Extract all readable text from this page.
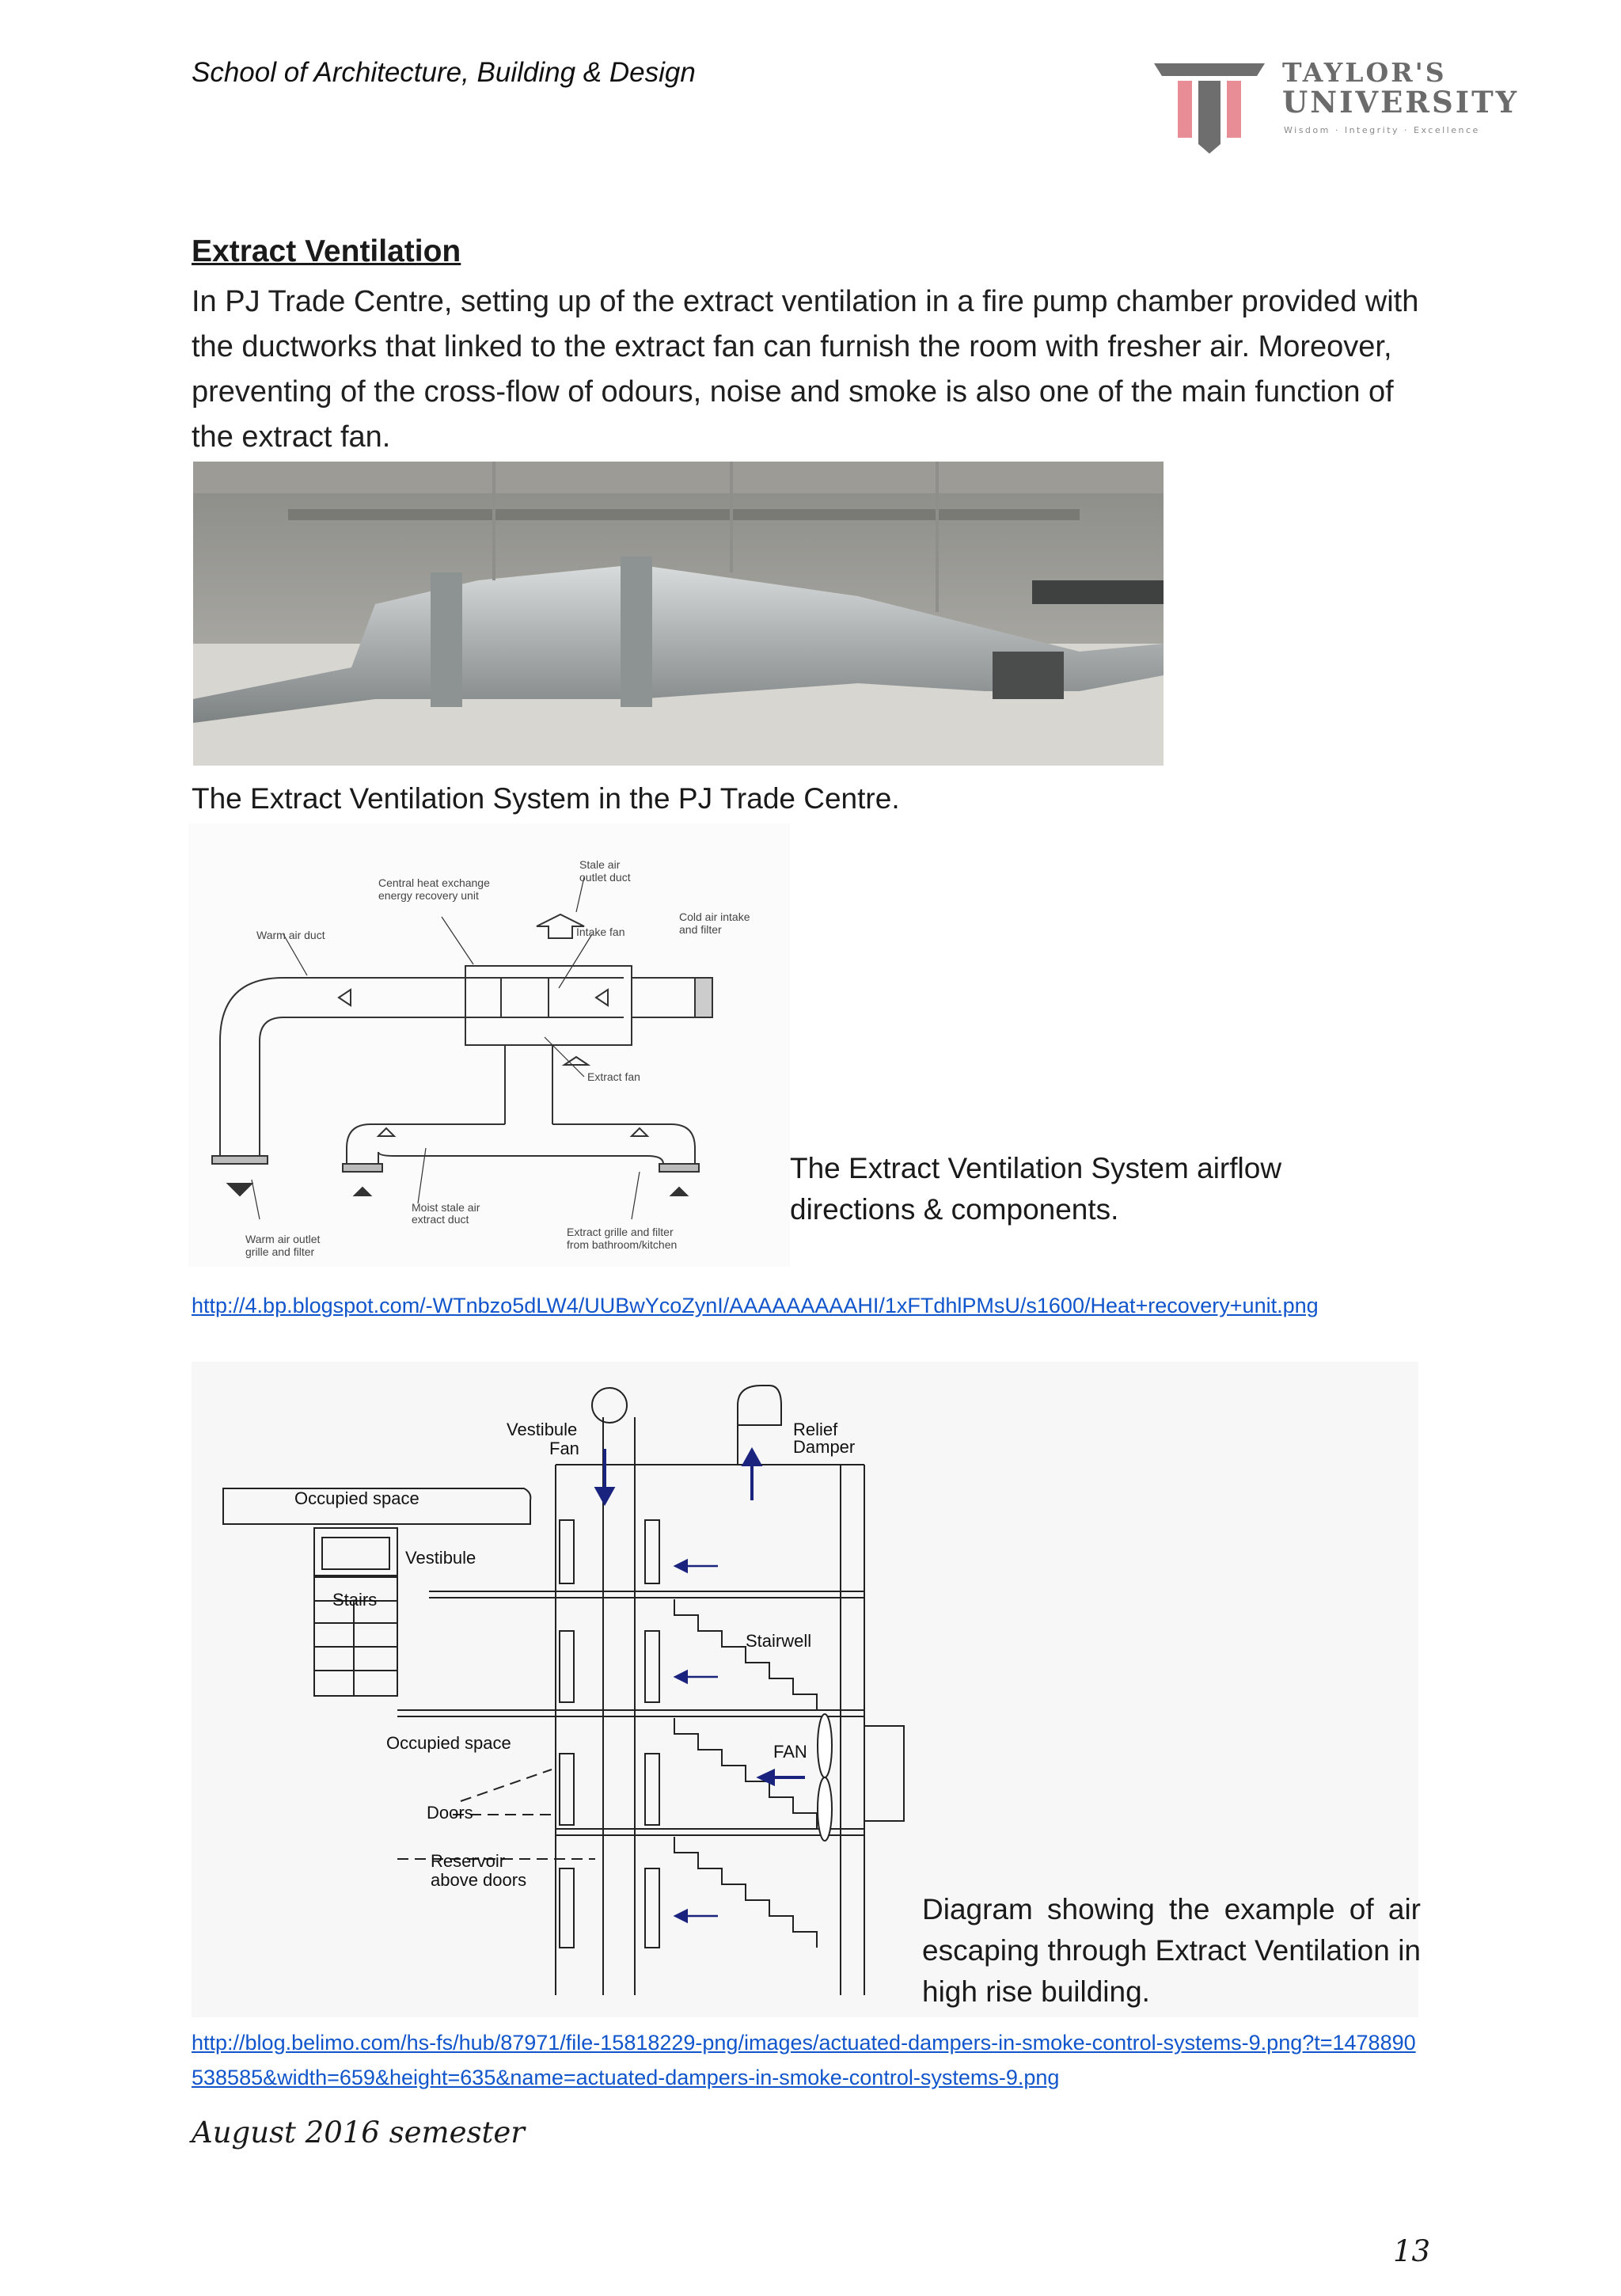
School of Architecture, Building & Design	TAYLOR'S
UNIVERSITY
Wisdom · Integrity · Excellence
Extract Ventilation
In PJ Trade Centre, setting up of the extract ventilation in a fire pump chamber provided with the ductworks that linked to the extract fan can furnish the room with fresher air. Moreover, preventing of the cross-flow of odours, noise and smoke is also one of the main function of the extract fan.
The Extract Ventilation System in the PJ Trade Centre.
Stale air
outlet duct
Central heat exchange
energy recovery unit
Cold air intake
and filter
Warm air duct	Intake fan
Extract fan
Moist stale air
extract duct
Extract grille and filter
from bathroom/kitchen
Warm air outlet
grille and filter
The Extract Ventilation System airflow directions & components.
http://4.bp.blogspot.com/-WTnbzo5dLW4/UUBwYcoZynI/AAAAAAAAAHI/1xFTdhlPMsU/s1600/Heat+recovery+unit.png
Vestibule
Fan
Relief
Damper
Occupied space
Vestibule
Stairs
Stairwell
Occupied space	FAN
Doors
Reservoir
above doors
Diagram showing the example of air escaping through Extract Ventilation in high rise building.
http://blog.belimo.com/hs-fs/hub/87971/file-15818229-png/images/actuated-dampers-in-smoke-control-systems-9.png?t=1478890538585&width=659&height=635&name=actuated-dampers-in-smoke-control-systems-9.png
August 2016 semester
13
